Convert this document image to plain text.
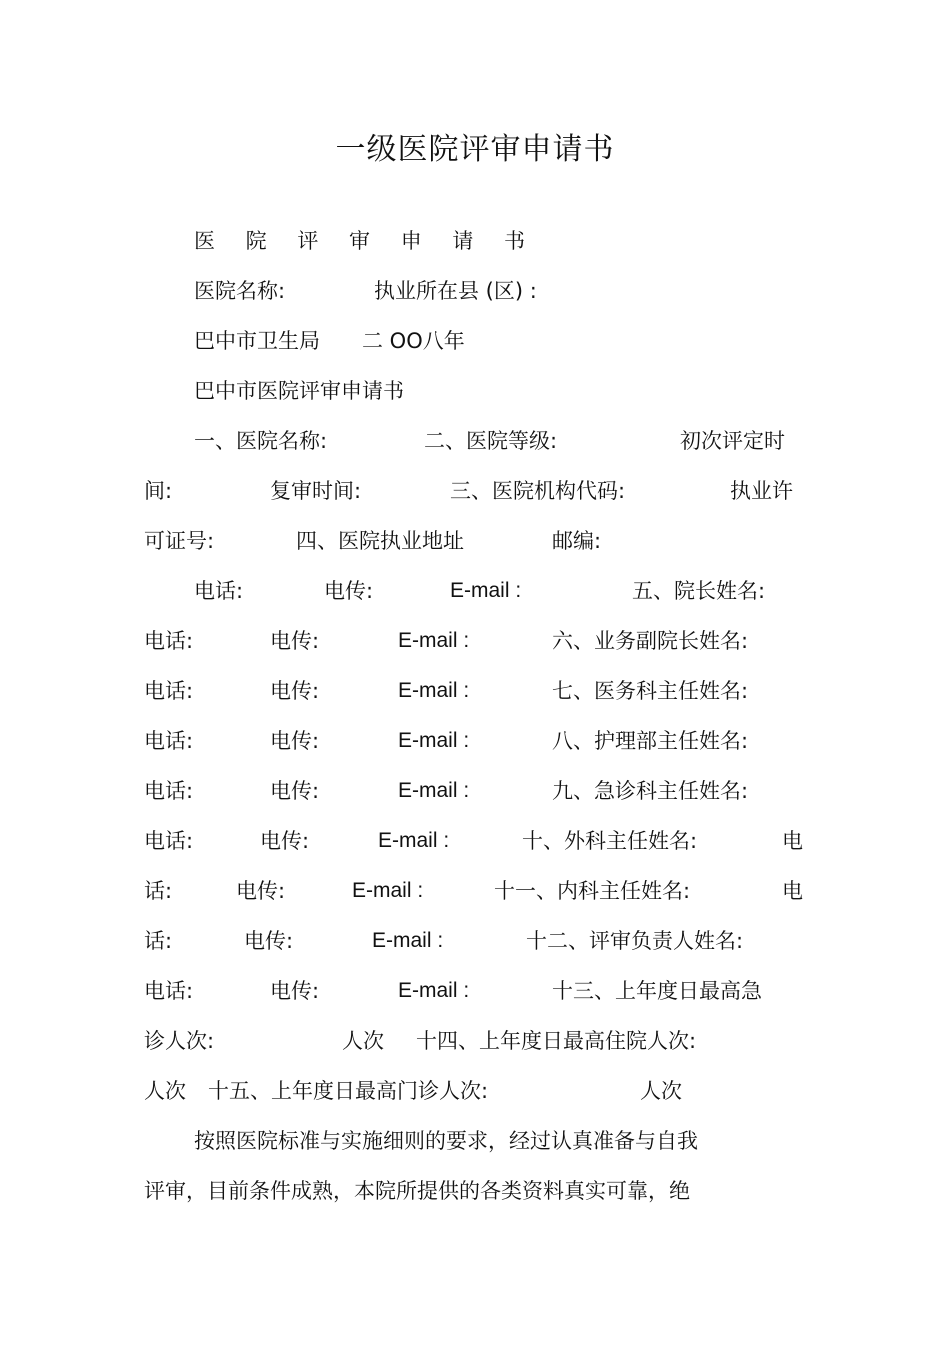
一级医院评审申请书
医 院 评 审 申 请 书
医院名称:	执业所在县 (区) :
巴中市卫生局 二 OO八年
巴中市医院评审申请书
一、医院名称:	二、医院等级:	初次评定时
间:	复审时间:	三、医院机构代码:	执业许
可证号:	四、医院执业地址	邮编:
电话:	电传:	E-mail :	五、院长姓名:
电话:	电传:	E-mail :	六、业务副院长姓名:
电话:	电传:	E-mail :	七、医务科主任姓名:
电话:	电传:	E-mail :	八、护理部主任姓名:
电话:	电传:	E-mail :	九、急诊科主任姓名:
电话:	电传:	E-mail :	十、外科主任姓名:	电
话:	电传:	E-mail :	十一、内科主任姓名:	电
话:	电传:	E-mail :	十二、评审负责人姓名:
电话:	电传:	E-mail :	十三、上年度日最高急
诊人次:	人次 十四、上年度日最高住院人次:
人次 十五、上年度日最高门诊人次:	人次
按照医院标准与实施细则的要求，经过认真准备与自我
评审，目前条件成熟，本院所提供的各类资料真实可靠，绝
